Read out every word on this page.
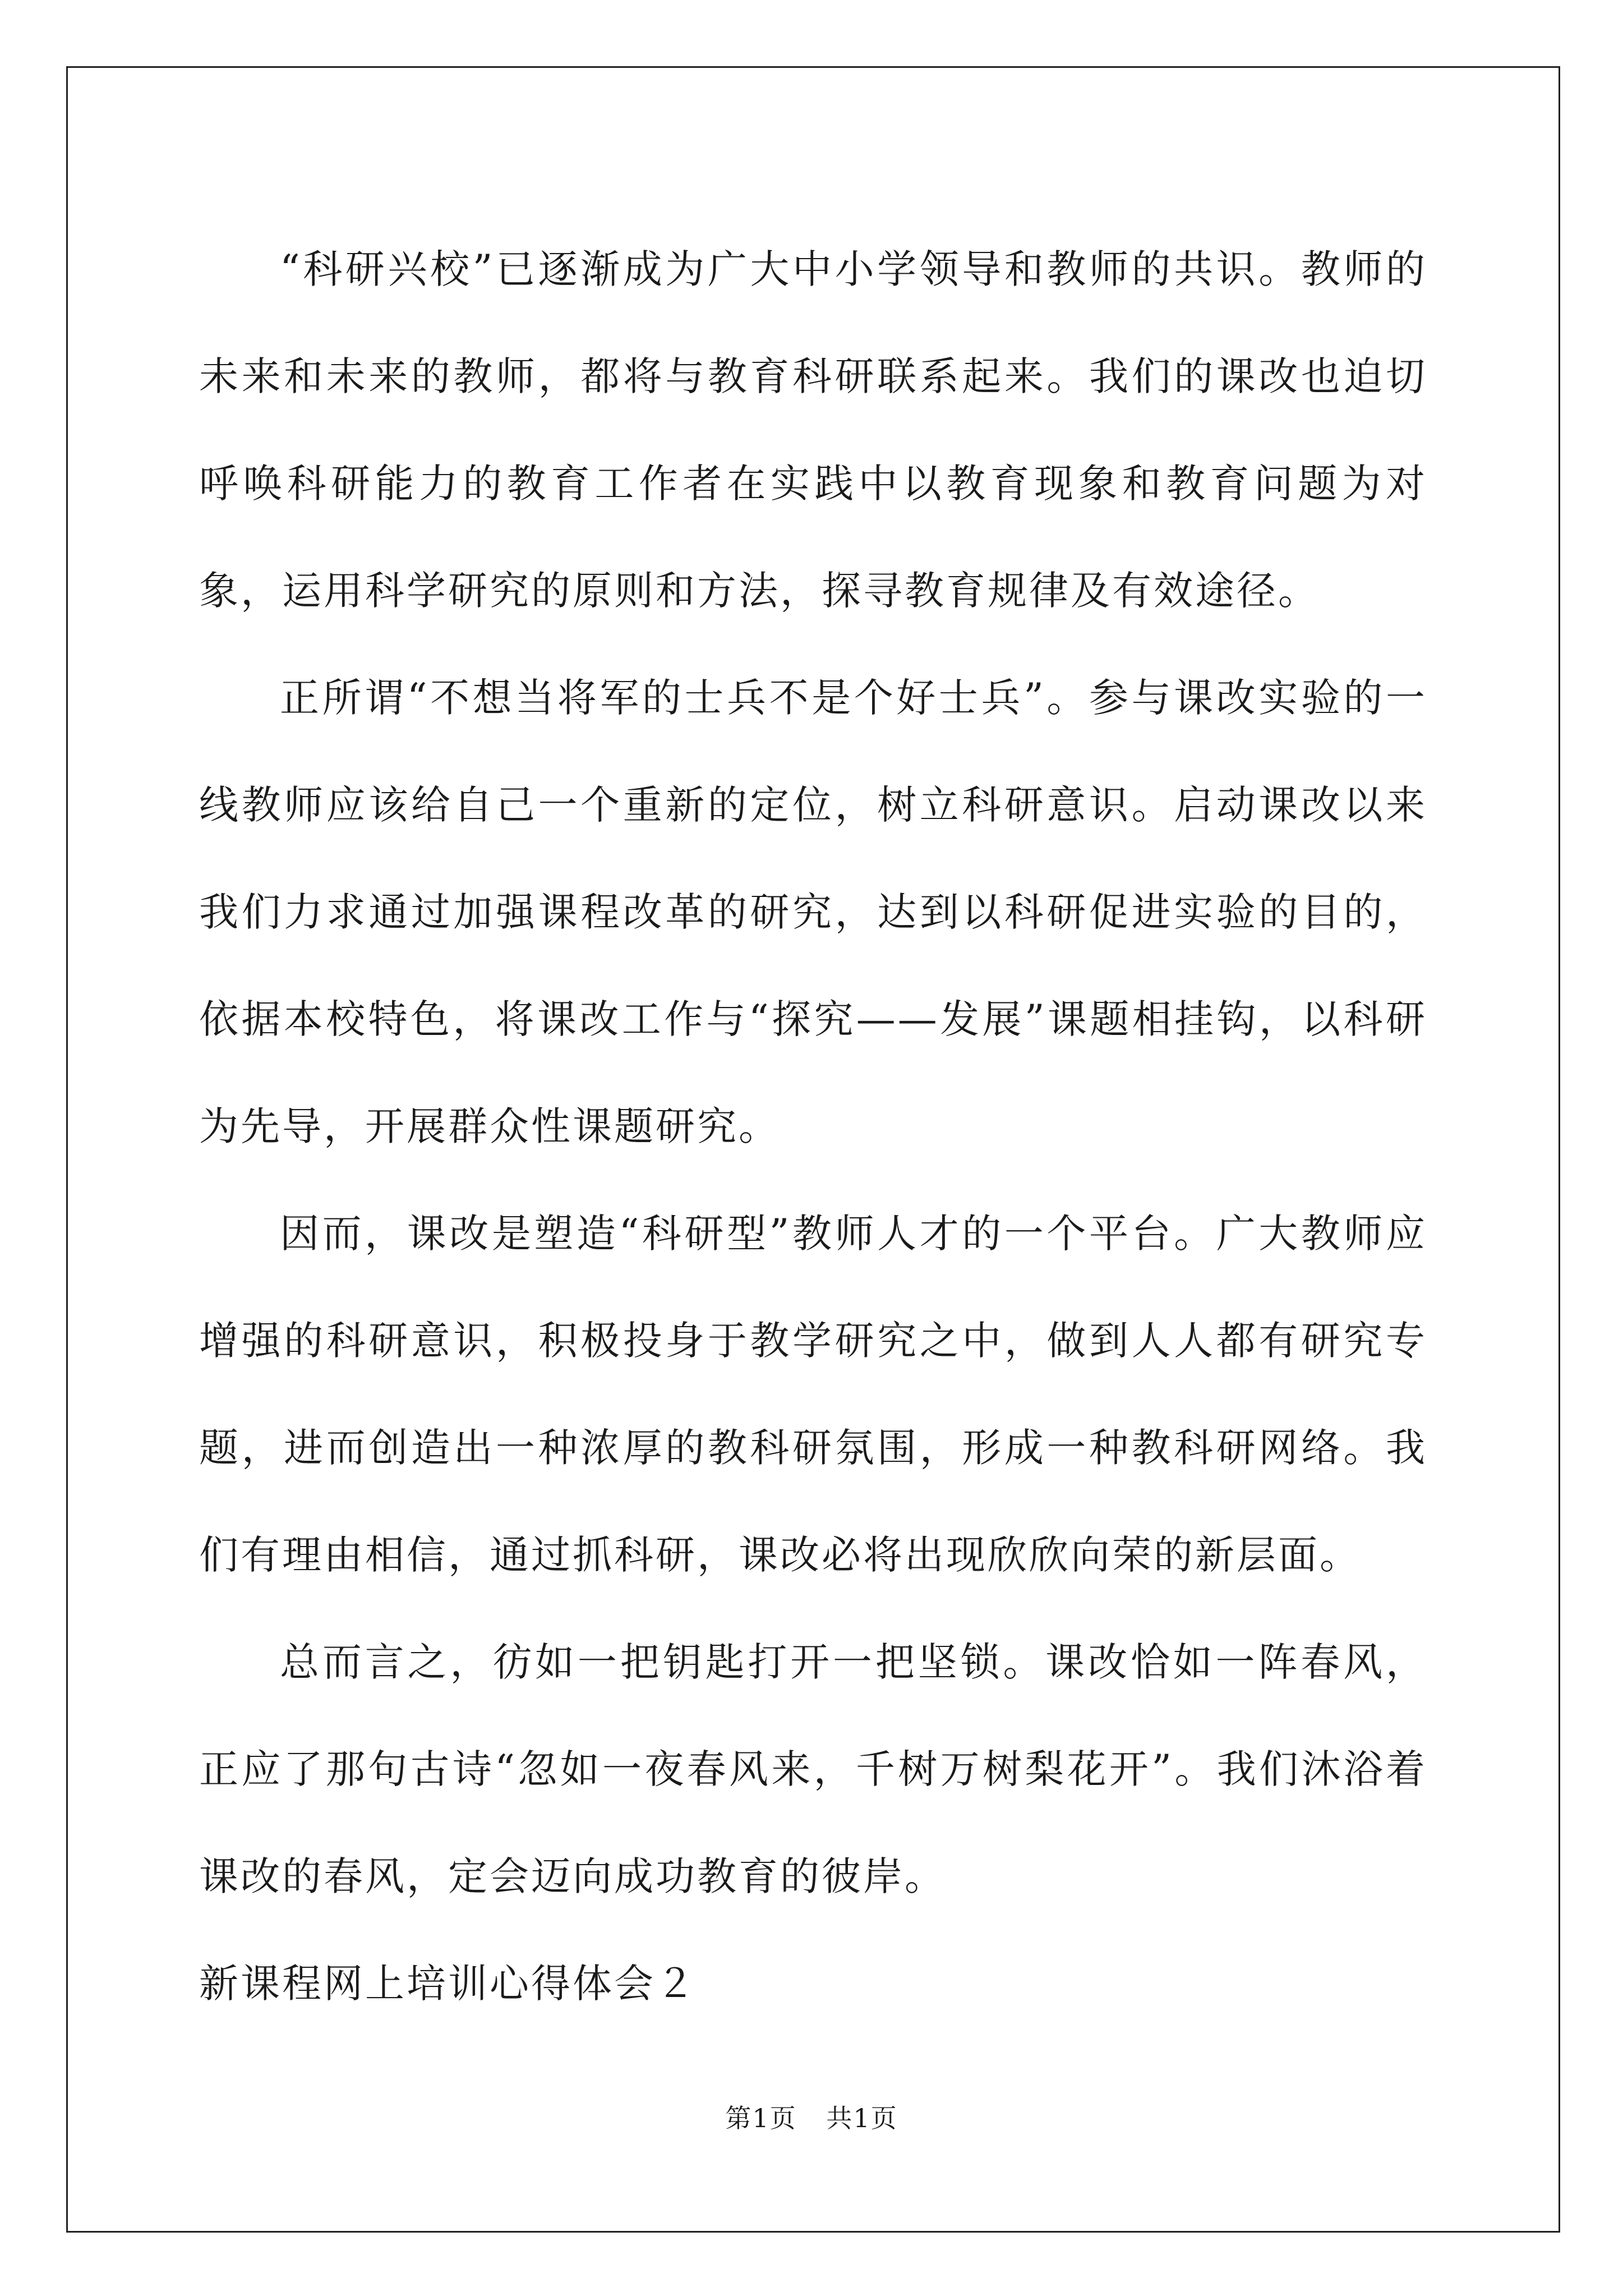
“科研兴校”已逐渐成为广大中小学领导和教师的共识。教师的未来和未来的教师，都将与教育科研联系起来。我们的课改也迫切呼唤科研能力的教育工作者在实践中以教育现象和教育问题为对象，运用科学研究的原则和方法，探寻教育规律及有效途径。

正所谓“不想当将军的士兵不是个好士兵”。参与课改实验的一线教师应该给自己一个重新的定位，树立科研意识。启动课改以来我们力求通过加强课程改革的研究，达到以科研促进实验的目的，依据本校特色，将课改工作与“探究——发展”课题相挂钩，以科研为先导，开展群众性课题研究。

因而，课改是塑造“科研型”教师人才的一个平台。广大教师应增强的科研意识，积极投身于教学研究之中，做到人人都有研究专题，进而创造出一种浓厚的教科研氛围，形成一种教科研网络。我们有理由相信，通过抓科研，课改必将出现欣欣向荣的新层面。

总而言之，彷如一把钥匙打开一把坚锁。课改恰如一阵春风，正应了那句古诗“忽如一夜春风来，千树万树梨花开”。我们沐浴着课改的春风，定会迈向成功教育的彼岸。

新课程网上培训心得体会２

第1页 共1页
